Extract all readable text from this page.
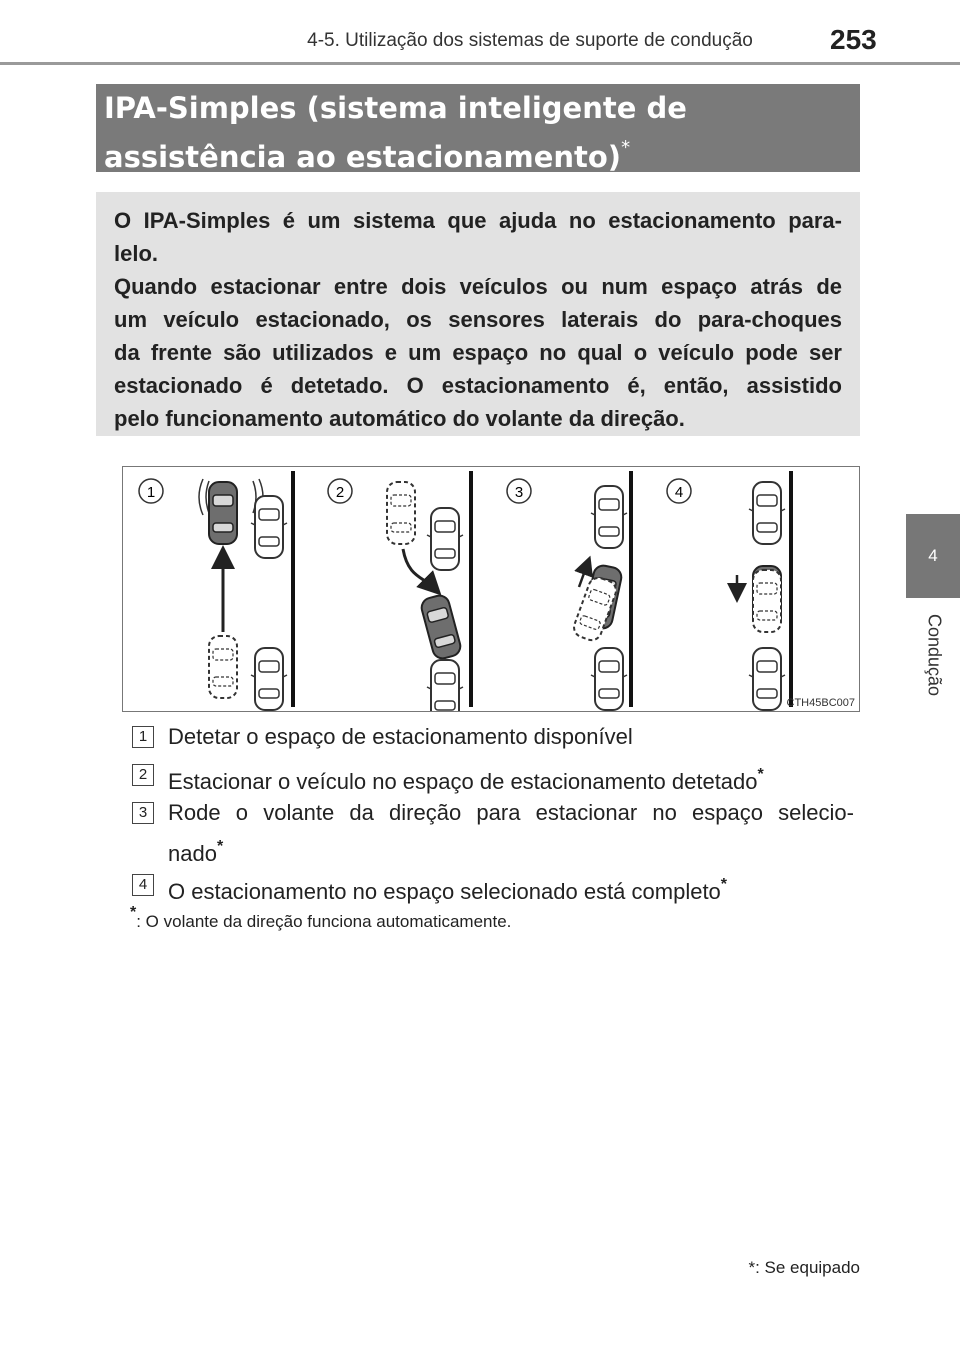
4-5. Utilização dos sistemas de suporte de condução	253
4
Condução
IPA-Simples (sistema inteligente de
assistência ao estacionamento)*
O IPA-Simples é um sistema que ajuda no estacionamento para-
lelo.
Quando estacionar entre dois veículos ou num espaço atrás de
um veículo estacionado, os sensores laterais do para-choques
da frente são utilizados e um espaço no qual o veículo pode ser
estacionado é detetado. O estacionamento é, então, assistido
pelo funcionamento automático do volante da direção.
1	2	3	4
CTH45BC007
1 Detetar o espaço de estacionamento disponível
2 Estacionar o veículo no espaço de estacionamento detetado*
3 Rode o volante da direção para estacionar no espaço selecio-
nado*
4 O estacionamento no espaço selecionado está completo*
*: O volante da direção funciona automaticamente.
*: Se equipado
